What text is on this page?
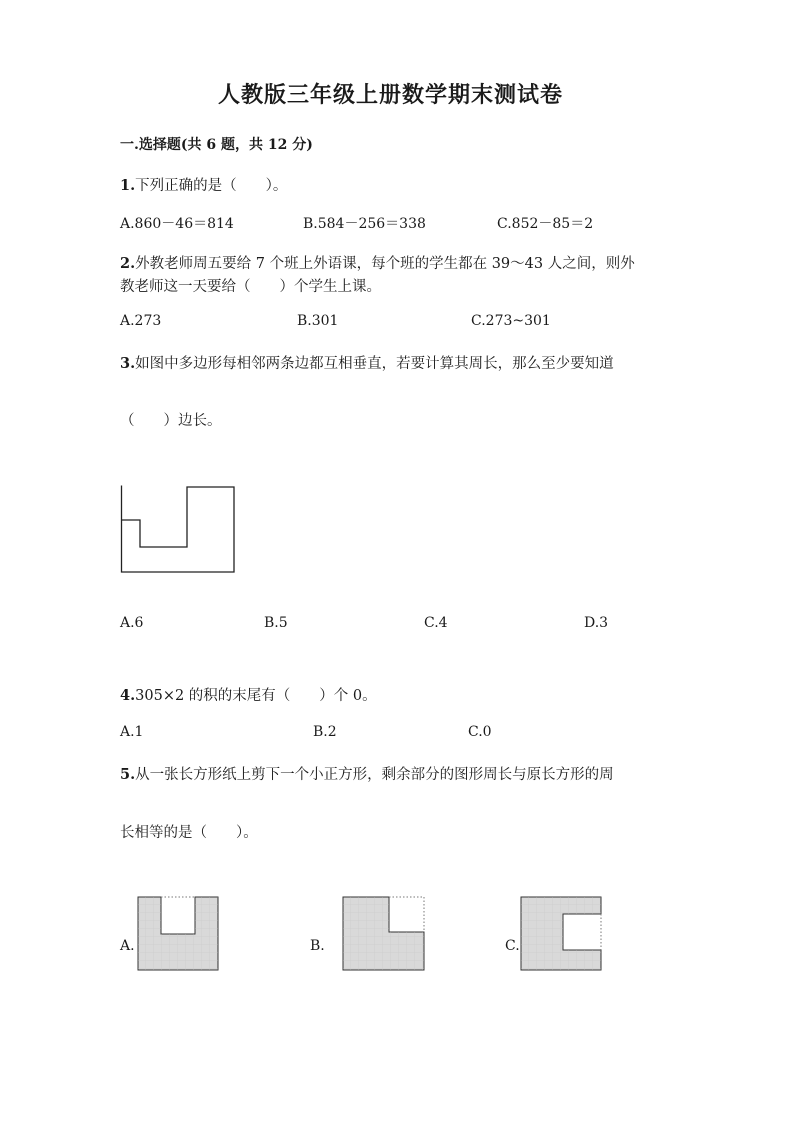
人教版三年级上册数学期末测试卷
一.选择题(共 6 题，共 12 分)
1.下列正确的是（　　）。
A.860－46＝814	B.584－256＝338	C.852－85＝2
2.外教老师周五要给 7 个班上外语课，每个班的学生都在 39～43 人之间，则外
教老师这一天要给（　　）个学生上课。
A.273	B.301	C.273~301
3.如图中多边形每相邻两条边都互相垂直，若要计算其周长，那么至少要知道
（　　）边长。
A.6	B.5	C.4	D.3
4.305×2 的积的末尾有（　　）个 0。
A.1	B.2	C.0
5.从一张长方形纸上剪下一个小正方形，剩余部分的图形周长与原长方形的周
长相等的是（　　）。
A.	B.	C.
